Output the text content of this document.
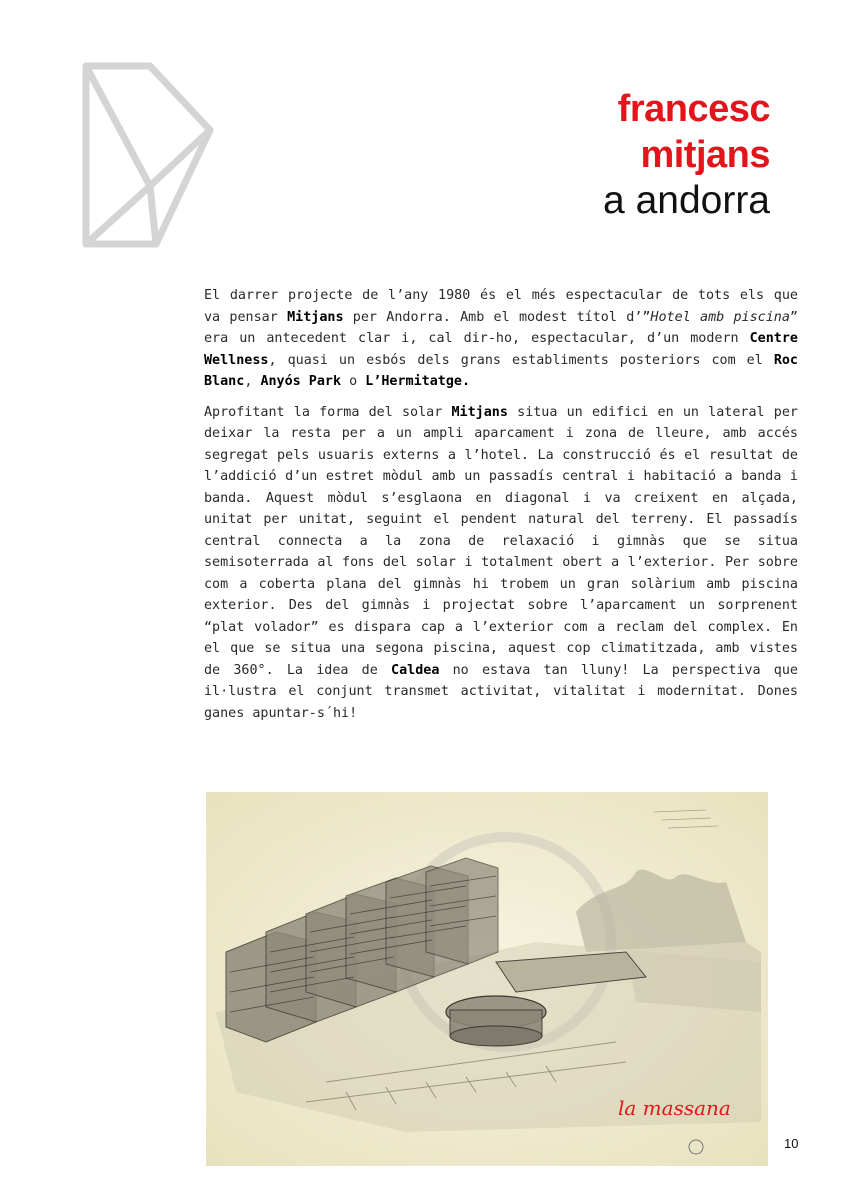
francesc
mitjans
a andorra

El darrer projecte de l’any 1980 és el més espectacular de tots els que va pensar Mitjans per Andorra. Amb el modest títol d’”Hotel amb piscina” era un antecedent clar i, cal dir-ho, espectacular, d’un modern Centre Wellness, quasi un esbós dels grans establiments posteriors com el Roc Blanc, Anyós Park o L’Hermitatge.

Aprofitant la forma del solar Mitjans situa un edifici en un lateral per deixar la resta per a un ampli aparcament i zona de lleure, amb accés segregat pels usuaris externs a l’hotel. La construcció és el resultat de l’addició d’un estret mòdul amb un passadís central i habitació a banda i banda. Aquest mòdul s’esglaona en diagonal i va creixent en alçada, unitat per unitat, seguint el pendent natural del terreny. El passadís central connecta a la zona de relaxació i gimnàs que se situa semisoterrada al fons del solar i totalment obert a l’exterior. Per sobre com a coberta plana del gimnàs hi trobem un gran solàrium amb piscina exterior. Des del gimnàs i projectat sobre l’aparcament un sorprenent “plat volador” es dispara cap a l’exterior com a reclam del complex. En el que se situa una segona piscina, aquest cop climatitzada, amb vistes de 360°. La idea de Caldea no estava tan lluny! La perspectiva que il·lustra el conjunt transmet activitat, vitalitat i modernitat. Dones ganes apuntar-s´hi!

la massana
10
